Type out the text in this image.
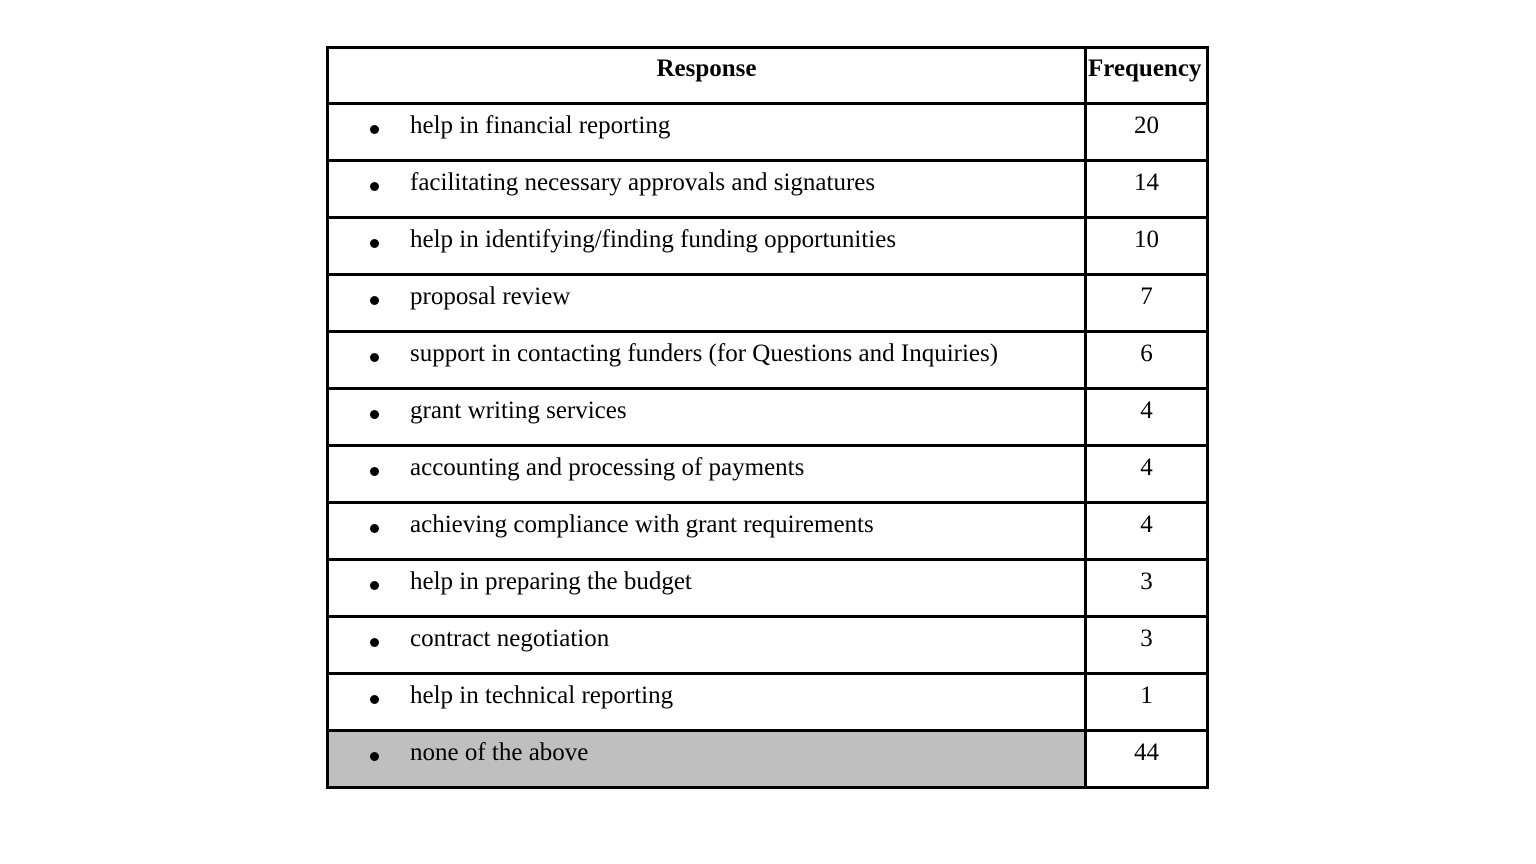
Response	Frequency

help in financial reporting	20

facilitating necessary approvals and signatures	14

help in identifying/finding funding opportunities	10

proposal review	7

support in contacting funders (for Questions and Inquiries)	6

grant writing services	4

accounting and processing of payments	4

achieving compliance with grant requirements	4

help in preparing the budget	3

contract negotiation	3

help in technical reporting	1

none of the above	44
